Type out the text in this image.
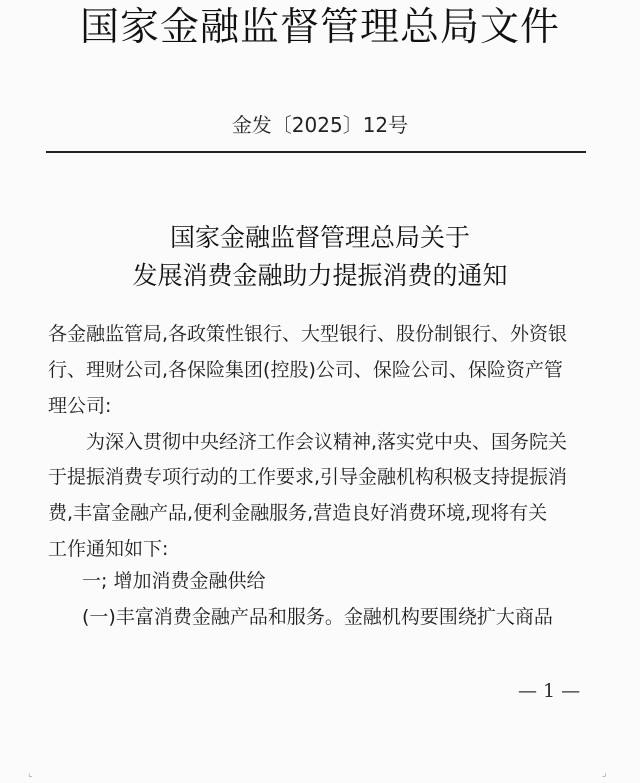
国家金融监督管理总局文件
金发〔2025〕12号
国家金融监督管理总局关于
发展消费金融助力提振消费的通知
各金融监管局,各政策性银行、大型银行、股份制银行、外资银
行、理财公司,各保险集团(控股)公司、保险公司、保险资产管
理公司:
为深入贯彻中央经济工作会议精神,落实党中央、国务院关
于提振消费专项行动的工作要求,引导金融机构积极支持提振消
费,丰富金融产品,便利金融服务,营造良好消费环境,现将有关
工作通知如下:
一; 增加消费金融供给
(一)丰富消费金融产品和服务。金融机构要围绕扩大商品
— 1 —
⌞	⌟
